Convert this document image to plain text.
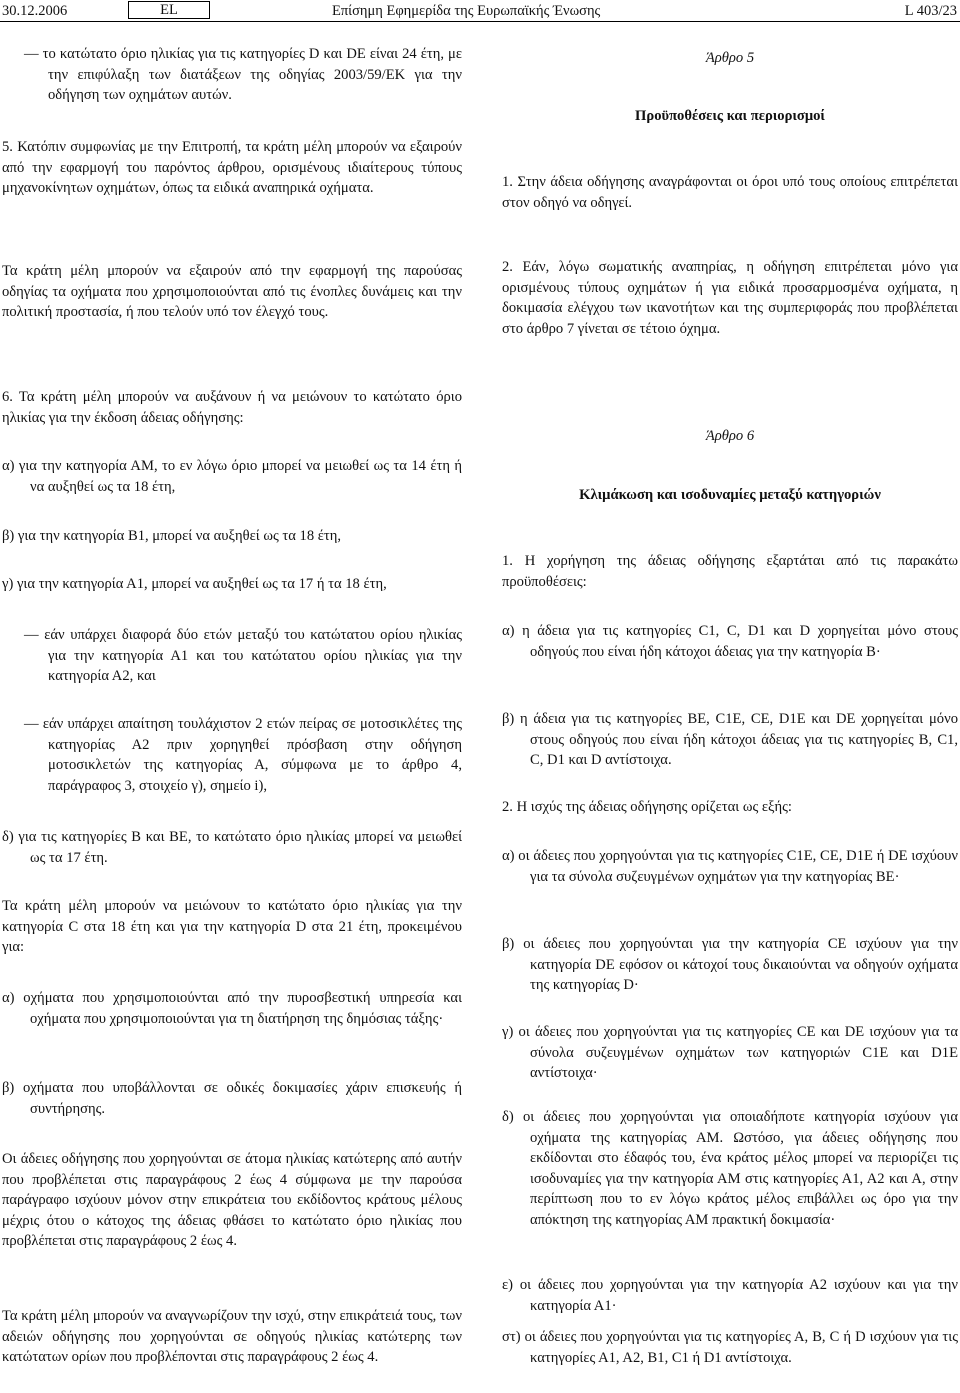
30.12.2006	EL	Επίσημη Εφημερίδα της Ευρωπαϊκής Ένωσης	L 403/23

— το κατώτατο όριο ηλικίας για τις κατηγορίες D και DE είναι 24 έτη, με την επιφύλαξη των διατάξεων της οδηγίας 2003/59/ΕΚ για την οδήγηση των οχημάτων αυτών.

5. Κατόπιν συμφωνίας με την Επιτροπή, τα κράτη μέλη μπορούν να εξαιρούν από την εφαρμογή του παρόντος άρθρου, ορισμένους ιδιαίτερους τύπους μηχανοκίνητων οχημάτων, όπως τα ειδικά αναπηρικά οχήματα.

Τα κράτη μέλη μπορούν να εξαιρούν από την εφαρμογή της παρούσας οδηγίας τα οχήματα που χρησιμοποιούνται από τις ένοπλες δυνάμεις και την πολιτική προστασία, ή που τελούν υπό τον έλεγχό τους.

6. Τα κράτη μέλη μπορούν να αυξάνουν ή να μειώνουν το κατώτατο όριο ηλικίας για την έκδοση άδειας οδήγησης:

α) για την κατηγορία ΑΜ, το εν λόγω όριο μπορεί να μειωθεί ως τα 14 έτη ή να αυξηθεί ως τα 18 έτη,

β) για την κατηγορία Β1, μπορεί να αυξηθεί ως τα 18 έτη,

γ) για την κατηγορία Α1, μπορεί να αυξηθεί ως τα 17 ή τα 18 έτη,

— εάν υπάρχει διαφορά δύο ετών μεταξύ του κατώτατου ορίου ηλικίας για την κατηγορία Α1 και του κατώτατου ορίου ηλικίας για την κατηγορία Α2, και

— εάν υπάρχει απαίτηση τουλάχιστον 2 ετών πείρας σε μοτοσικλέτες της κατηγορίας Α2 πριν χορηγηθεί πρόσβαση στην οδήγηση μοτοσικλετών της κατηγορίας Α, σύμφωνα με το άρθρο 4, παράγραφος 3, στοιχείο γ), σημείο i),

δ) για τις κατηγορίες Β και ΒΕ, το κατώτατο όριο ηλικίας μπορεί να μειωθεί ως τα 17 έτη.

Τα κράτη μέλη μπορούν να μειώνουν το κατώτατο όριο ηλικίας για την κατηγορία C στα 18 έτη και για την κατηγορία D στα 21 έτη, προκειμένου για:

α) οχήματα που χρησιμοποιούνται από την πυροσβεστική υπηρεσία και οχήματα που χρησιμοποιούνται για τη διατήρηση της δημόσιας τάξης·

β) οχήματα που υποβάλλονται σε οδικές δοκιμασίες χάριν επισκευής ή συντήρησης.

Οι άδειες οδήγησης που χορηγούνται σε άτομα ηλικίας κατώτερης από αυτήν που προβλέπεται στις παραγράφους 2 έως 4 σύμφωνα με την παρούσα παράγραφο ισχύουν μόνον στην επικράτεια του εκδίδοντος κράτους μέλους μέχρις ότου ο κάτοχος της άδειας φθάσει το κατώτατο όριο ηλικίας που προβλέπεται στις παραγράφους 2 έως 4.

Τα κράτη μέλη μπορούν να αναγνωρίζουν την ισχύ, στην επικράτειά τους, των αδειών οδήγησης που χορηγούνται σε οδηγούς ηλικίας κατώτερης των κατώτατων ορίων που προβλέπονται στις παραγράφους 2 έως 4.

Άρθρο 5

Προϋποθέσεις και περιορισμοί

1. Στην άδεια οδήγησης αναγράφονται οι όροι υπό τους οποίους επιτρέπεται στον οδηγό να οδηγεί.

2. Εάν, λόγω σωματικής αναπηρίας, η οδήγηση επιτρέπεται μόνο για ορισμένους τύπους οχημάτων ή για ειδικά προσαρμοσμένα οχήματα, η δοκιμασία ελέγχου των ικανοτήτων και της συμπεριφοράς που προβλέπεται στο άρθρο 7 γίνεται σε τέτοιο όχημα.

Άρθρο 6

Κλιμάκωση και ισοδυναμίες μεταξύ κατηγοριών

1. Η χορήγηση της άδειας οδήγησης εξαρτάται από τις παρακάτω προϋποθέσεις:

α) η άδεια για τις κατηγορίες C1, C, D1 και D χορηγείται μόνο στους οδηγούς που είναι ήδη κάτοχοι άδειας για την κατηγορία Β·

β) η άδεια για τις κατηγορίες BE, C1E, CE, D1E και DE χορηγείται μόνο στους οδηγούς που είναι ήδη κάτοχοι άδειας για τις κατηγορίες Β, C1, C, D1 και D αντίστοιχα.

2. Η ισχύς της άδειας οδήγησης ορίζεται ως εξής:

α) οι άδειες που χορηγούνται για τις κατηγορίες C1E, CE, D1E ή DE ισχύουν για τα σύνολα συζευγμένων οχημάτων για την κατηγορίας BE·

β) οι άδειες που χορηγούνται για την κατηγορία CE ισχύουν για την κατηγορία DE εφόσον οι κάτοχοί τους δικαιούνται να οδηγούν οχήματα της κατηγορίας D·

γ) οι άδειες που χορηγούνται για τις κατηγορίες CE και DE ισχύουν για τα σύνολα συζευγμένων οχημάτων των κατηγοριών C1E και D1E αντίστοιχα·

δ) οι άδειες που χορηγούνται για οποιαδήποτε κατηγορία ισχύουν για οχήματα της κατηγορίας ΑΜ. Ωστόσο, για άδειες οδήγησης που εκδίδονται στο έδαφός του, ένα κράτος μέλος μπορεί να περιορίζει τις ισοδυναμίες για την κατηγορία ΑΜ στις κατηγορίες Α1, Α2 και Α, στην περίπτωση που το εν λόγω κράτος μέλος επιβάλλει ως όρο για την απόκτηση της κατηγορίας ΑΜ πρακτική δοκιμασία·

ε) οι άδειες που χορηγούνται για την κατηγορία Α2 ισχύουν και για την κατηγορία Α1·

στ) οι άδειες που χορηγούνται για τις κατηγορίες Α, Β, C ή D ισχύουν για τις κατηγορίες Α1, Α2, Β1, C1 ή D1 αντίστοιχα.
